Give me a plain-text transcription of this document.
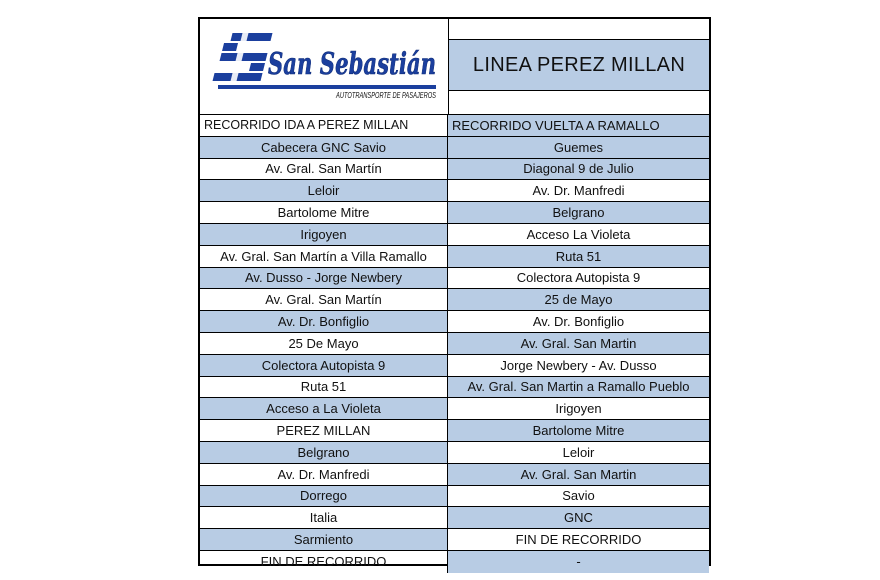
San Sebastián
AUTOTRANSPORTE DE PASAJEROS
LINEA PEREZ MILLAN
RECORRIDO IDA A PEREZ MILLAN	RECORRIDO VUELTA A RAMALLO
Cabecera GNC Savio	Guemes
Av. Gral. San Martín	Diagonal 9 de Julio
Leloir	Av. Dr. Manfredi
Bartolome Mitre	Belgrano
Irigoyen	Acceso La Violeta
Av. Gral. San Martín a Villa Ramallo	Ruta 51
Av. Dusso - Jorge Newbery	Colectora Autopista 9
Av. Gral. San Martín	25 de Mayo
Av. Dr. Bonfiglio	Av. Dr. Bonfiglio
25 De Mayo	Av. Gral. San Martin
Colectora Autopista 9	Jorge Newbery - Av. Dusso
Ruta 51	Av. Gral. San Martin a Ramallo Pueblo
Acceso a La Violeta	Irigoyen
PEREZ MILLAN	Bartolome Mitre
Belgrano	Leloir
Av. Dr. Manfredi	Av. Gral. San Martin
Dorrego	Savio
Italia	GNC
Sarmiento	FIN DE RECORRIDO
FIN DE RECORRIDO	-
